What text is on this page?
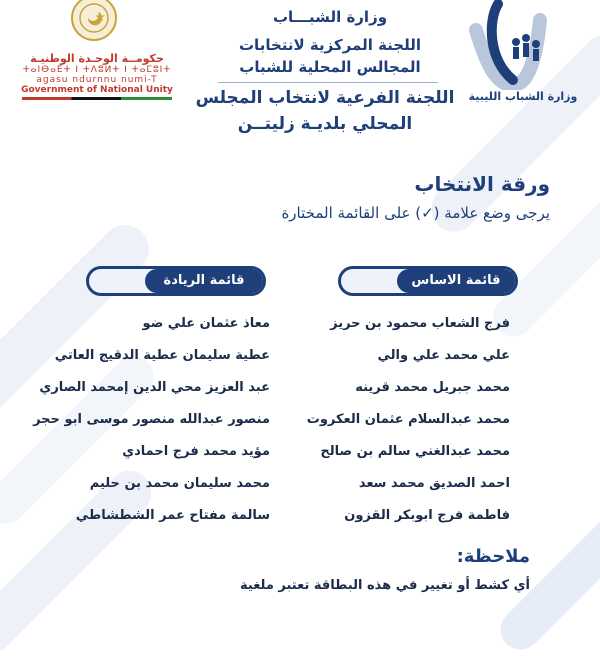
حكومــة الوحـدة الوطنيـة
ⵜⴰⵏⴱⴰⴹⵜ ⵏ ⵜⴷⵓⵍⵜ ⵏ ⵜⴰⵎⵓⵏⵜ
agasu ndurnnu numi-T
Government of National Unity
وزارة الشبـــاب
اللجنة المركزية لانتخابات
المجالس المحلية للشباب
اللجنة الفرعية لانتخاب المجلس
المحلي بلديـة زليتــن
وزارة الشباب الليبية
ورقة الانتخاب
يرجى وضع علامة (✓) على القائمة المختارة
قائمة الاساس
قائمة الريادة
فرج الشعاب محمود بن حريز
علي محمد علي والي
محمد جبريل محمد قرينه
محمد عبدالسلام عثمان العكروت
محمد عبدالغني سالم بن صالح
احمد الصديق محمد سعد
فاطمة فرج ابوبكر القزون
معاذ عثمان علي ضو
عطية سليمان عطية الدقيج العاتي
عبد العزيز محي الدين إمحمد الصاري
منصور عبدالله منصور موسى ابو حجر
مؤيد محمد فرج احمادي
محمد سليمان محمد بن حليم
سالمة مفتاح عمر الشطشاطي
ملاحظة:
أي كشط أو تغيير في هذه البطاقة تعتبر ملغية
